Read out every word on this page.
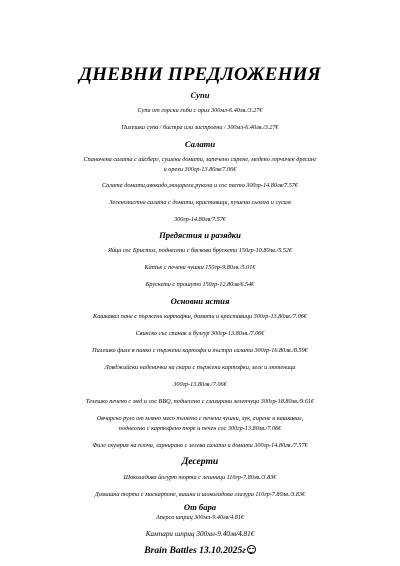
ДНЕВНИ ПРЕДЛОЖЕНИЯ
Супи
Супа от горски гъби с ориз 300мл-6.40лв./3.27€
Пилешка супа / бистра или застроена / 300мл-6.40лв./3.27€
Салати
Спаначена салата с айсберг, сушени домати, запечено сирене, медено горчичен дресинг
и орехи 300гр-13.80лв/7.06€
Салата домати,авокадо,моцарела,рукола и сос песто 300гр-14.80лв/7.57€
Зеленолистна салата с домати, краставици, пушена сьомга и сусам
300гр-14.80лв/7.57€
Предястия и разядки
Яйца сос Бристол, поднесени с бяскови брускети 150гр-10.80лв./5.52€
Катък с печени чушки 150гр-9.80лв./5.01€
Брускети с прошуто 150гр-12.80лв/6.54€
Основни ястия
Кашкавал пане с пържени картофки, домати и краставици 300гр-13.80лв./7.06€
Свинско със спанак и булгур 300гр-13.80лв./7.06€
Пилешко филе в панко с пържени картофи и пъстра салата 300гр-16.80лв./8.59€
Ловджийски наденички на скара с пържени картофки, зеле и лютеница
300гр-13.80лв./7.06€
Телешко печено с мед и сос BBQ, поднесено с глазирани зеленчуци 300гр-18.80лв./9.61€
Овчарско руло от мляно месо пълнено с печени чушки, лук, сирене и кашкавал,
поднесено с картофено пюре и печен сос 300гр-13.80лв./7.06€
Филе скумрия на плоча, гарнирано с зелева салата и домати 300гр-14.80лв./7.57€
Десерти
Шоколадова йогурт торта с лешници 110гр-7.80лв./3.83€
Домашна торта с маскарпоне, вишни и шоколадова глазура 110гр-7.80лв./3.83€
От бара
Апероз шприц 300мл-9.40лв/4.81€
Кампари шприц 300мл-9.40лв/4.81€
Brain Battles 13.10.2025г
